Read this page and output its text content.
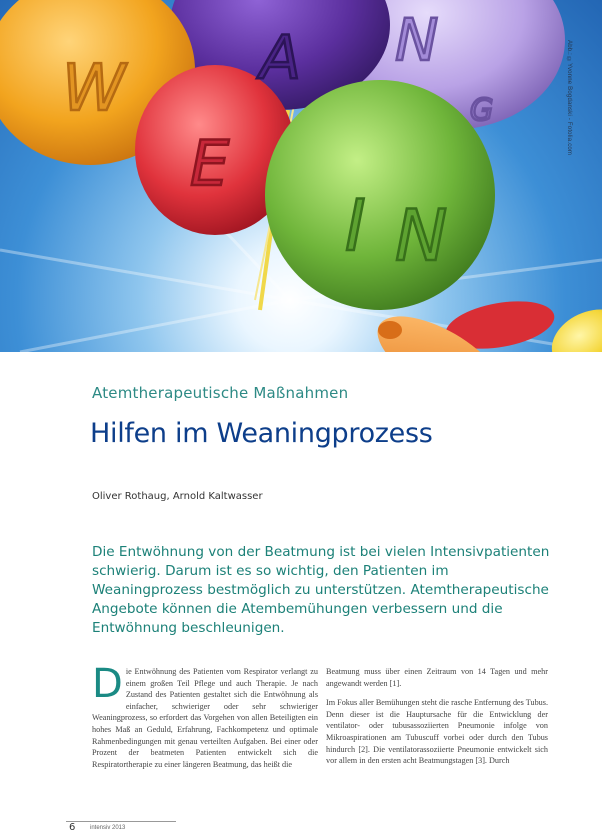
W
E
A N
I N
G	Abb.: ©Yvonne Bogdanski - Fotolia.com
Atemtherapeutische Maßnahmen
Hilfen im Weaningprozess
Oliver Rothaug, Arnold Kaltwasser
Die Entwöhnung von der Beatmung ist bei vielen Intensivpatienten schwierig. Darum ist es so wichtig, den Patienten im Weaningprozess bestmöglich zu unterstützen. Atemtherapeutische Angebote können die Atembemühungen verbessern und die Entwöhnung beschleunigen.
Die Entwöhnung des Patienten vom Respirator verlangt zu einem großen Teil Pflege und auch Therapie. Je nach Zustand des Patienten gestaltet sich die Entwöhnung als einfacher, schwieriger oder sehr schwieriger Weaningprozess, so erfordert das Vorgehen von allen Beteiligten ein hohes Maß an Geduld, Erfahrung, Fachkompetenz und optimale Rahmenbedingungen mit genau verteilten Aufgaben. Bei einer oder Prozent der beatmeten Patienten entwickelt sich die Respiratortherapie zu einer längeren Beatmung, das heißt die

Beatmung muss über einen Zeitraum von 14 Tagen und mehr angewandt werden [1].

Im Fokus aller Bemühungen steht die rasche Entfernung des Tubus. Denn dieser ist die Hauptursache für die Entwicklung der ventilator- oder tubusassoziierten Pneumonie infolge von Mikroaspirationen am Tubuscuff vorbei oder durch den Tubus hindurch [2]. Die ventilatorassoziierte Pneumonie entwickelt sich vor allem in den ersten acht Beatmungstagen [3]. Durch

6 intensiv 2013
